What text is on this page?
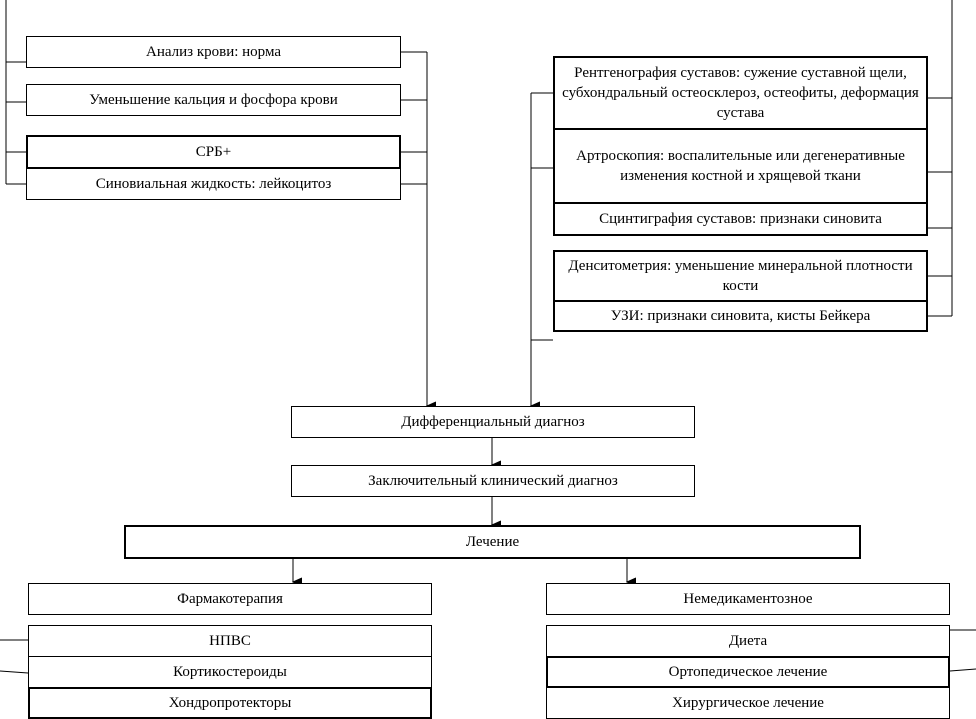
Анализ крови: норма
Уменьшение кальция и фосфора крови
СРБ+
Синовиальная жидкость: лейкоцитоз
Рентгенография суставов: сужение суставной щели, субхондральный остеосклероз, остеофиты, деформация сустава
Артроскопия: воспалительные или дегенеративные изменения костной и хрящевой ткани
Сцинтиграфия суставов: признаки синовита
Денситометрия: уменьшение минеральной плотности кости
УЗИ: признаки синовита, кисты Бейкера
Дифференциальный диагноз
Заключительный клинический диагноз
Лечение
Фармакотерапия
НПВС
Кортикостероиды
Хондропротекторы
Немедикаментозное
Диета
Ортопедическое лечение
Хирургическое лечение
